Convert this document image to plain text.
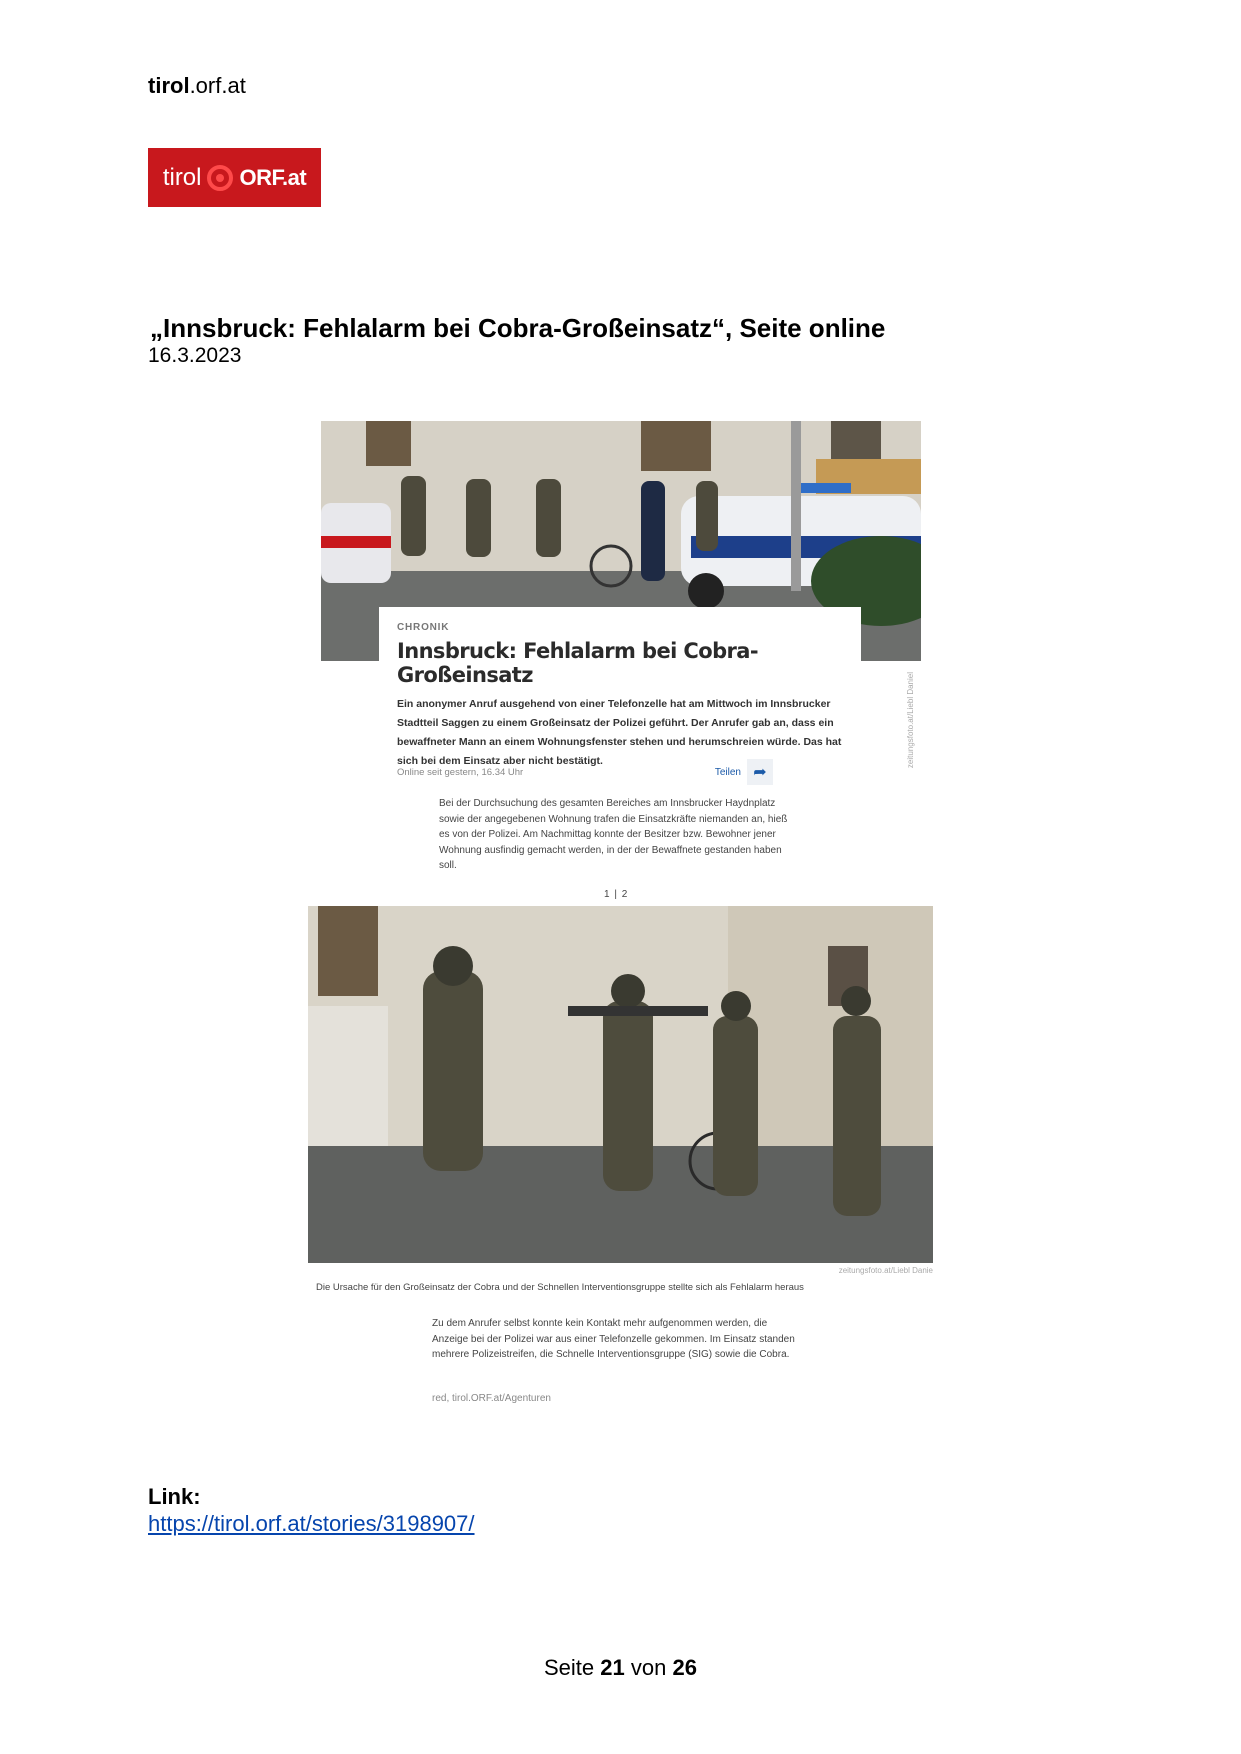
tirol.orf.at
tirol ORF.at
„Innsbruck: Fehlalarm bei Cobra-Großeinsatz“, Seite online
16.3.2023
CHRONIK
Innsbruck: Fehlalarm bei Cobra-Großeinsatz
Ein anonymer Anruf ausgehend von einer Telefonzelle hat am Mittwoch im Innsbrucker Stadtteil Saggen zu einem Großeinsatz der Polizei geführt. Der Anrufer gab an, dass ein bewaffneter Mann an einem Wohnungsfenster stehen und herumschreien würde. Das hat sich bei dem Einsatz aber nicht bestätigt.
Online seit gestern, 16.34 Uhr	Teilen ➦
zeitungsfoto.at/Liebl Daniel
Bei der Durchsuchung des gesamten Bereiches am Innsbrucker Haydnplatz sowie der angegebenen Wohnung trafen die Einsatzkräfte niemanden an, hieß es von der Polizei. Am Nachmittag konnte der Besitzer bzw. Bewohner jener Wohnung ausfindig gemacht werden, in der der Bewaffnete gestanden haben soll.
1 | 2
zeitungsfoto.at/Liebl Danie
Die Ursache für den Großeinsatz der Cobra und der Schnellen Interventionsgruppe stellte sich als Fehlalarm heraus
Zu dem Anrufer selbst konnte kein Kontakt mehr aufgenommen werden, die Anzeige bei der Polizei war aus einer Telefonzelle gekommen. Im Einsatz standen mehrere Polizeistreifen, die Schnelle Interventionsgruppe (SIG) sowie die Cobra.
red, tirol.ORF.at/Agenturen
Link:
https://tirol.orf.at/stories/3198907/
Seite 21 von 26
